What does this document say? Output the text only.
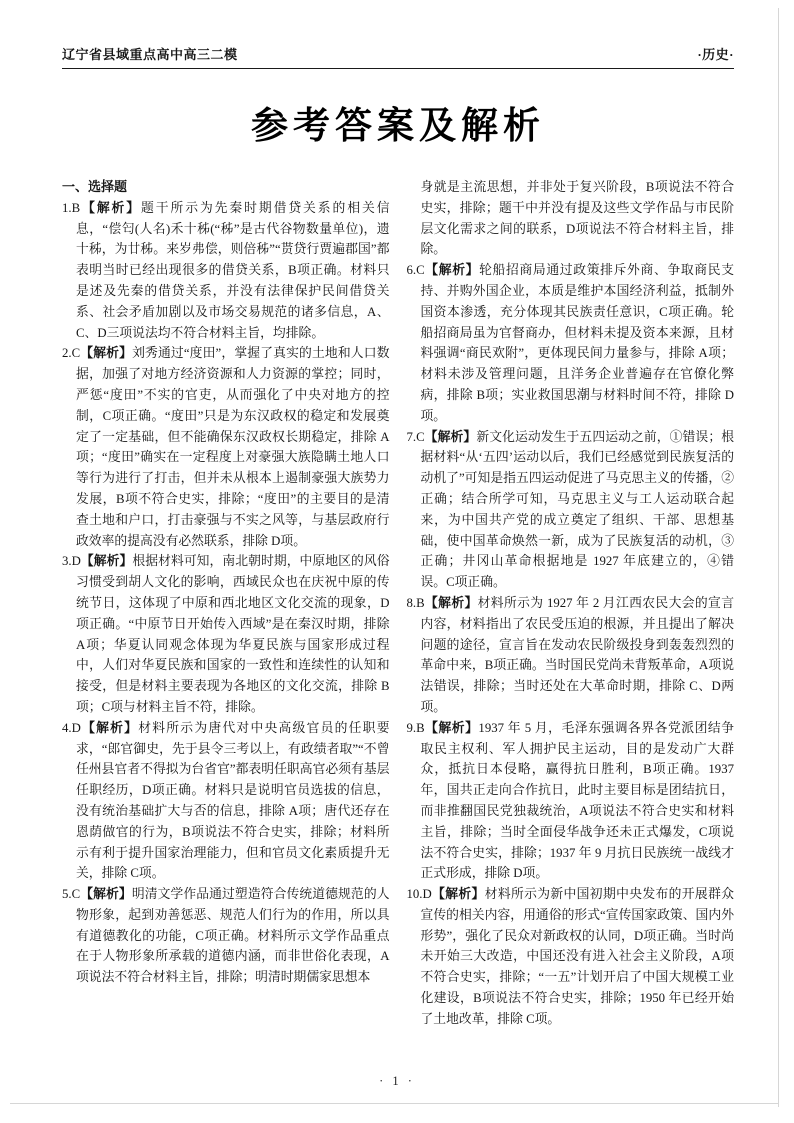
辽宁省县域重点高中高三二模	·历史·
参考答案及解析
一、选择题

1.B【解析】题干所示为先秦时期借贷关系的相关信息，“偿匄(人名)禾十秭(“秭”是古代谷物数量单位)，遗十秭，为廿秭。来岁弗偿，则倍秭”“贳贷行贾遍郡国”都表明当时已经出现很多的借贷关系，B项正确。材料只是述及先秦的借贷关系，并没有法律保护民间借贷关系、社会矛盾加剧以及市场交易规范的诸多信息，A、C、D三项说法均不符合材料主旨，均排除。

2.C【解析】刘秀通过“度田”，掌握了真实的土地和人口数据，加强了对地方经济资源和人力资源的掌控；同时，严惩“度田”不实的官吏，从而强化了中央对地方的控制，C项正确。“度田”只是为东汉政权的稳定和发展奠定了一定基础，但不能确保东汉政权长期稳定，排除 A项；“度田”确实在一定程度上对豪强大族隐瞒土地人口等行为进行了打击，但并未从根本上遏制豪强大族势力发展，B项不符合史实，排除；“度田”的主要目的是清查土地和户口，打击豪强与不实之风等，与基层政府行政效率的提高没有必然联系，排除 D项。

3.D【解析】根据材料可知，南北朝时期，中原地区的风俗习惯受到胡人文化的影响，西域民众也在庆祝中原的传统节日，这体现了中原和西北地区文化交流的现象，D项正确。“中原节日开始传入西域”是在秦汉时期，排除 A项；华夏认同观念体现为华夏民族与国家形成过程中，人们对华夏民族和国家的一致性和连续性的认知和接受，但是材料主要表现为各地区的文化交流，排除 B项；C项与材料主旨不符，排除。

4.D【解析】材料所示为唐代对中央高级官员的任职要求，“郎官御史，先于县令三考以上，有政绩者取”“不曾任州县官者不得拟为台省官”都表明任职高官必须有基层任职经历，D项正确。材料只是说明官员选拔的信息，没有统治基础扩大与否的信息，排除 A项；唐代还存在恩荫做官的行为，B项说法不符合史实，排除；材料所示有利于提升国家治理能力，但和官员文化素质提升无关，排除 C项。

5.C【解析】明清文学作品通过塑造符合传统道德规范的人物形象，起到劝善惩恶、规范人们行为的作用，所以具有道德教化的功能，C项正确。材料所示文学作品重点在于人物形象所承载的道德内涵，而非世俗化表现，A项说法不符合材料主旨，排除；明清时期儒家思想本

身就是主流思想，并非处于复兴阶段，B项说法不符合史实，排除；题干中并没有提及这些文学作品与市民阶层文化需求之间的联系，D项说法不符合材料主旨，排除。

6.C【解析】轮船招商局通过政策排斥外商、争取商民支持、并购外国企业，本质是维护本国经济利益，抵制外国资本渗透，充分体现其民族责任意识，C项正确。轮船招商局虽为官督商办，但材料未提及资本来源，且材料强调“商民欢附”，更体现民间力量参与，排除 A项；材料未涉及管理问题，且洋务企业普遍存在官僚化弊病，排除 B项；实业救国思潮与材料时间不符，排除 D项。

7.C【解析】新文化运动发生于五四运动之前，①错误；根据材料“从‘五四’运动以后，我们已经感觉到民族复活的动机了”可知是指五四运动促进了马克思主义的传播，②正确；结合所学可知，马克思主义与工人运动联合起来，为中国共产党的成立奠定了组织、干部、思想基础，使中国革命焕然一新，成为了民族复活的动机，③正确；井冈山革命根据地是 1927 年底建立的，④错误。C项正确。

8.B【解析】材料所示为 1927 年 2 月江西农民大会的宣言内容，材料指出了农民受压迫的根源，并且提出了解决问题的途径，宣言旨在发动农民阶级投身到轰轰烈烈的革命中来，B项正确。当时国民党尚未背叛革命，A项说法错误，排除；当时还处在大革命时期，排除 C、D两项。

9.B【解析】1937 年 5 月，毛泽东强调各界各党派团结争取民主权利、军人拥护民主运动，目的是发动广大群众，抵抗日本侵略，赢得抗日胜利，B项正确。1937 年，国共正走向合作抗日，此时主要目标是团结抗日，而非推翻国民党独裁统治，A项说法不符合史实和材料主旨，排除；当时全面侵华战争还未正式爆发，C项说法不符合史实，排除；1937 年 9 月抗日民族统一战线才正式形成，排除 D项。

10.D【解析】材料所示为新中国初期中央发布的开展群众宣传的相关内容，用通俗的形式“宣传国家政策、国内外形势”，强化了民众对新政权的认同，D项正确。当时尚未开始三大改造，中国还没有进入社会主义阶段，A项不符合史实，排除；“一五”计划开启了中国大规模工业化建设，B项说法不符合史实，排除；1950 年已经开始了土地改革，排除 C项。

· 1 ·
